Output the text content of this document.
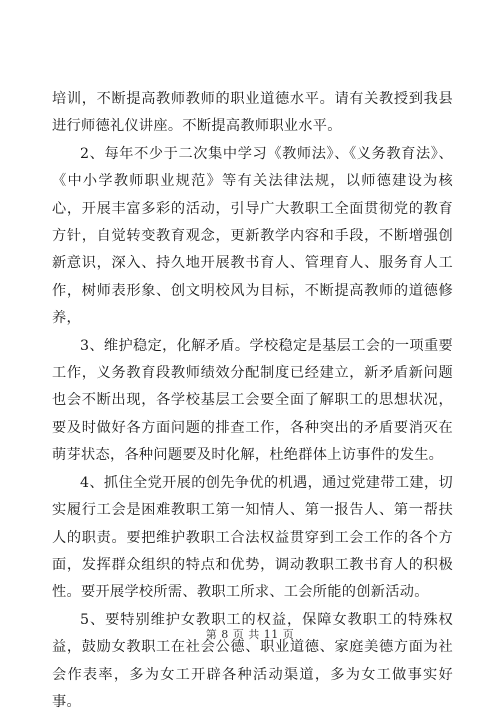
培训，不断提高教师教师的职业道德水平。请有关教授到我县进行师德礼仪讲座。不断提高教师职业水平。

2、每年不少于二次集中学习《教师法》、《义务教育法》、《中小学教师职业规范》等有关法律法规，以师德建设为核心，开展丰富多彩的活动，引导广大教职工全面贯彻党的教育方针，自觉转变教育观念，更新教学内容和手段，不断增强创新意识，深入、持久地开展教书育人、管理育人、服务育人工作，树师表形象、创文明校风为目标，不断提高教师的道德修养，

3、维护稳定，化解矛盾。学校稳定是基层工会的一项重要工作，义务教育段教师绩效分配制度已经建立，新矛盾新问题也会不断出现，各学校基层工会要全面了解职工的思想状况，要及时做好各方面问题的排查工作，各种突出的矛盾要消灭在萌芽状态，各种问题要及时化解，杜绝群体上访事件的发生。

4、抓住全党开展的创先争优的机遇，通过党建带工建，切实履行工会是困难教职工第一知情人、第一报告人、第一帮扶人的职责。要把维护教职工合法权益贯穿到工会工作的各个方面，发挥群众组织的特点和优势，调动教职工教书育人的积极性。要开展学校所需、教职工所求、工会所能的创新活动。

5、要特别维护女教职工的权益，保障女教职工的特殊权益，鼓励女教职工在社会公德、职业道德、家庭美德方面为社会作表率，多为女工开辟各种活动渠道，多为女工做事实好事。

第 8 页 共 11 页
